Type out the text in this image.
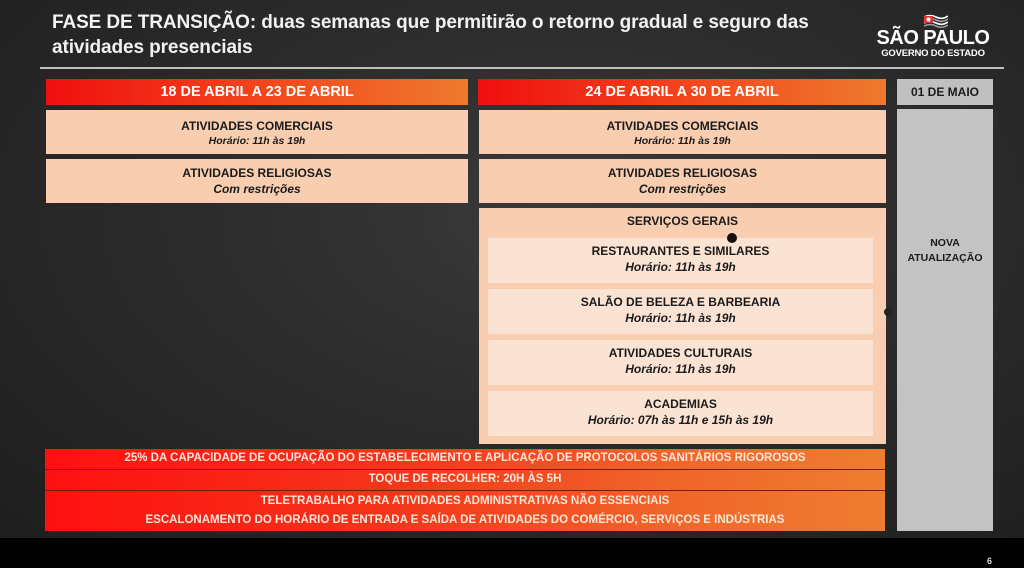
FASE DE TRANSIÇÃO: duas semanas que permitirão o retorno gradual e seguro das atividades presenciais	SÃO PAULO
GOVERNO DO ESTADO
18 DE ABRIL A 23 DE ABRIL
ATIVIDADES COMERCIAIS
Horário: 11h às 19h
ATIVIDADES RELIGIOSAS
Com restrições
24 DE ABRIL A 30 DE ABRIL
ATIVIDADES COMERCIAIS
Horário: 11h às 19h
ATIVIDADES RELIGIOSAS
Com restrições
SERVIÇOS GERAIS
RESTAURANTES E SIMILARES
Horário: 11h às 19h
SALÃO DE BELEZA E BARBEARIA
Horário: 11h às 19h
ATIVIDADES CULTURAIS
Horário: 11h às 19h
ACADEMIAS
Horário: 07h às 11h e 15h às 19h
01 DE MAIO
NOVA ATUALIZAÇÃO
25% DA CAPACIDADE DE OCUPAÇÃO DO ESTABELECIMENTO E APLICAÇÃO DE PROTOCOLOS SANITÁRIOS RIGOROSOS
TOQUE DE RECOLHER: 20H ÀS 5H
TELETRABALHO PARA ATIVIDADES ADMINISTRATIVAS NÃO ESSENCIAIS
ESCALONAMENTO DO HORÁRIO DE ENTRADA E SAÍDA DE ATIVIDADES DO COMÉRCIO, SERVIÇOS E INDÚSTRIAS
6
